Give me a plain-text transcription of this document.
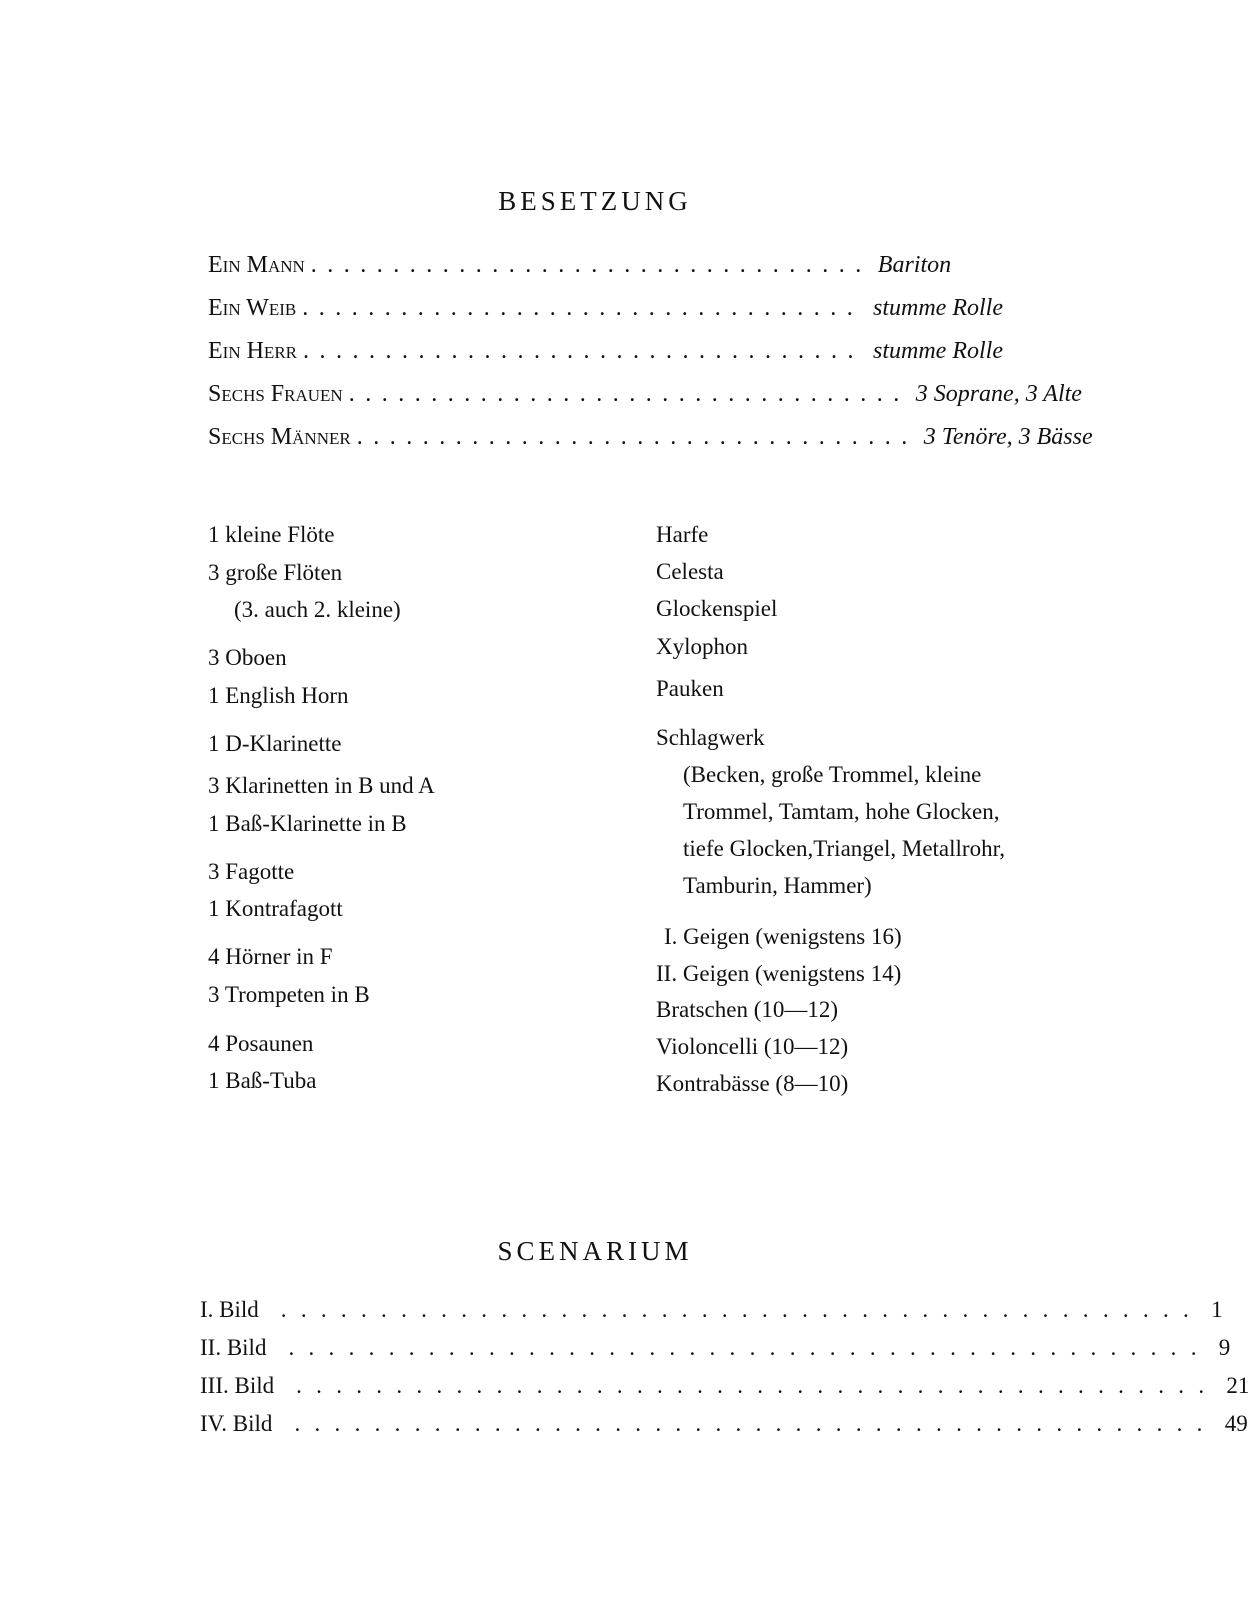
BESETZUNG
Ein Mann .................................. Bariton
Ein Weib .................................. stumme Rolle
Ein Herr .................................. stumme Rolle
Sechs Frauen .................................. 3 Soprane, 3 Alte
Sechs Männer .................................. 3 Tenöre, 3 Bässe
1 kleine Flöte
3 große Flöten
(3. auch 2. kleine)
3 Oboen
1 English Horn
1 D-Klarinette
3 Klarinetten in B und A
1 Baß-Klarinette in B
3 Fagotte
1 Kontrafagott
4 Hörner in F
3 Trompeten in B
4 Posaunen
1 Baß-Tuba
Harfe
Celesta
Glockenspiel
Xylophon
Pauken
Schlagwerk
(Becken, große Trommel, kleine
Trommel, Tamtam, hohe Glocken,
tiefe Glocken,Triangel, Metallrohr,
Tamburin, Hammer)
I. Geigen (wenigstens 16)
II. Geigen (wenigstens 14)
Bratschen (10—12)
Violoncelli (10—12)
Kontrabässe (8—10)
SCENARIUM
I. Bild .............................................. 1
II. Bild .............................................. 9
III. Bild .............................................. 21
IV. Bild .............................................. 49
